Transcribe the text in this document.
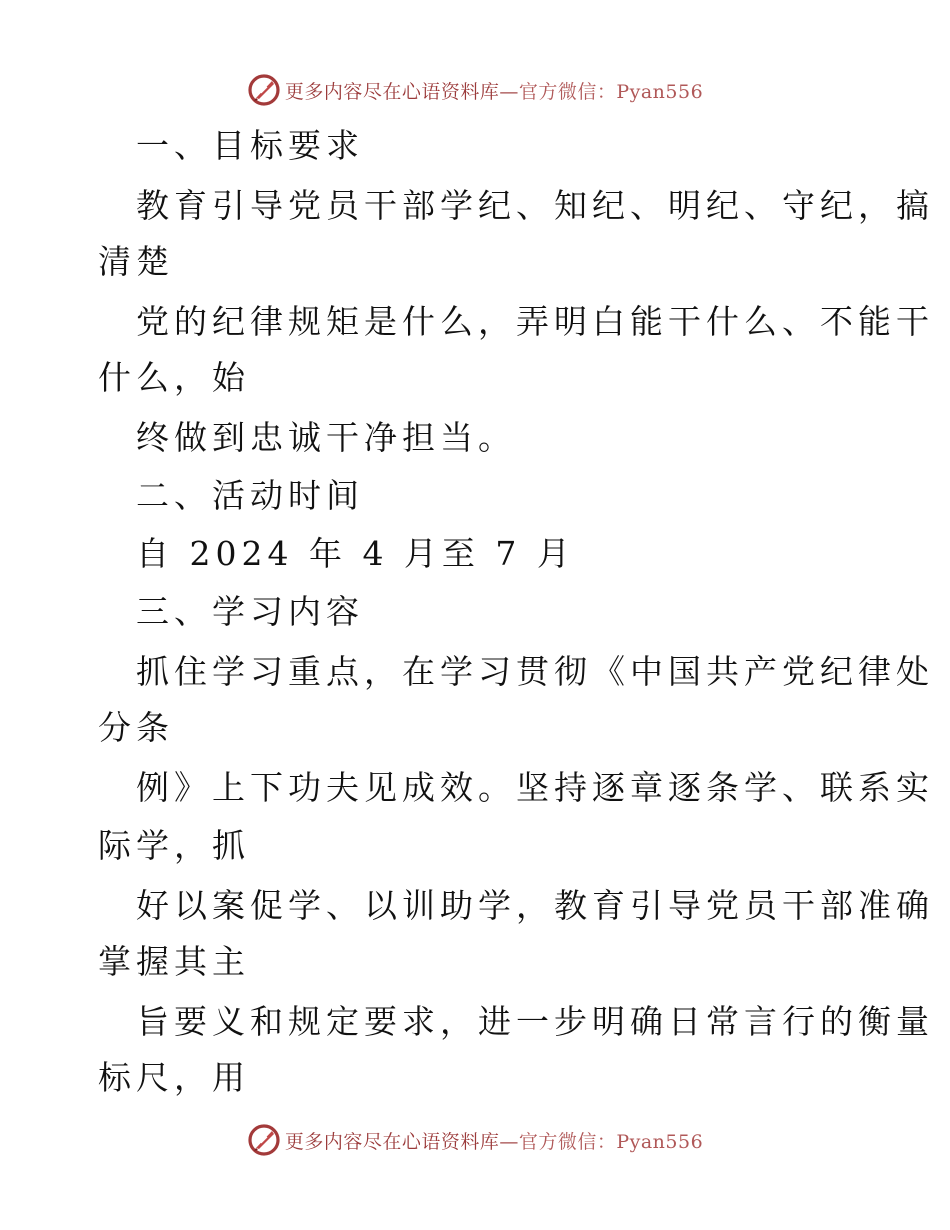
更多内容尽在心语资料库—官方微信：Pyan556
一、目标要求
教育引导党员干部学纪、知纪、明纪、守纪，搞
清楚
党的纪律规矩是什么，弄明白能干什么、不能干
什么，始
终做到忠诚干净担当。
二、活动时间
自 2024 年 4 月至 7 月
三、学习内容
抓住学习重点，在学习贯彻《中国共产党纪律处
分条
例》上下功夫见成效。坚持逐章逐条学、联系实
际学，抓
好以案促学、以训助学，教育引导党员干部准确
掌握其主
旨要义和规定要求，进一步明确日常言行的衡量
标尺，用
更多内容尽在心语资料库—官方微信：Pyan556
